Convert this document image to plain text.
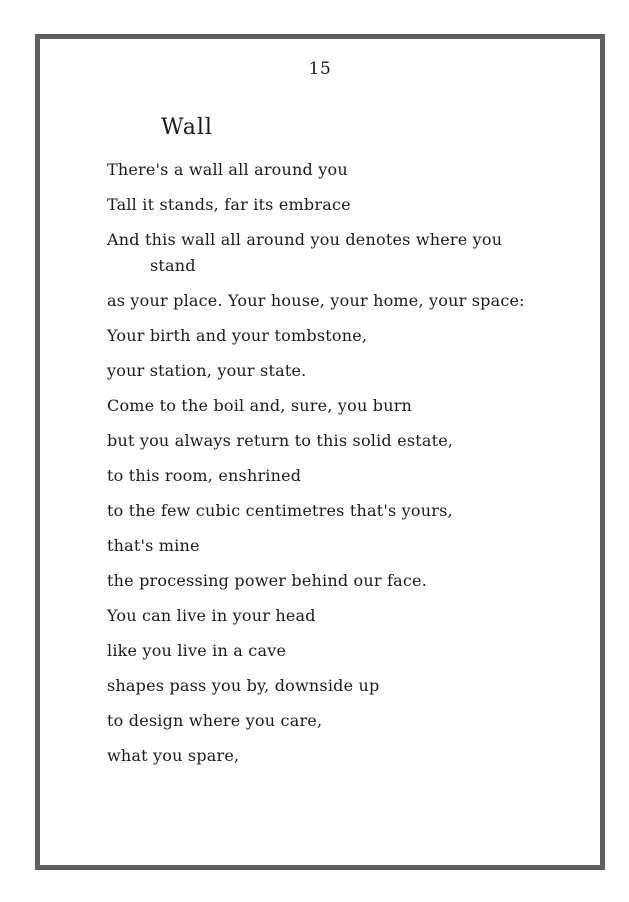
15
Wall
There's a wall all around you
Tall it stands, far its embrace
And this wall all around you denotes where you stand
as your place. Your house, your home, your space:
Your birth and your tombstone,
your station, your state.
Come to the boil and, sure, you burn
but you always return to this solid estate,
to this room, enshrined
to the few cubic centimetres that's yours,
that's mine
the processing power behind our face.
You can live in your head
like you live in a cave
shapes pass you by, downside up
to design where you care,
what you spare,
